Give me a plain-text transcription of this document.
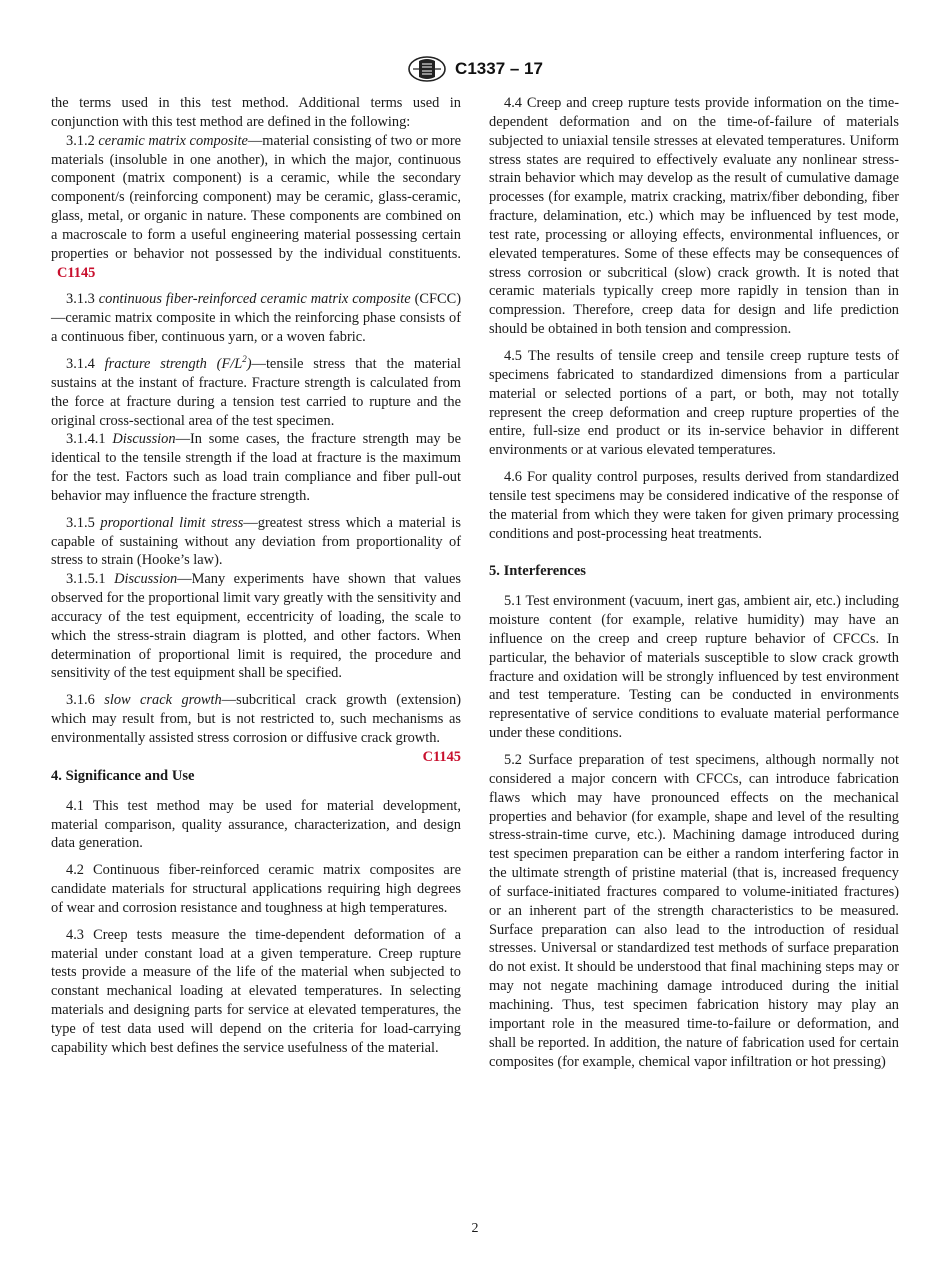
C1337 – 17

the terms used in this test method. Additional terms used in conjunction with this test method are defined in the following:

3.1.2 ceramic matrix composite—material consisting of two or more materials (insoluble in one another), in which the major, continuous component (matrix component) is a ceramic, while the secondary component/s (reinforcing component) may be ceramic, glass-ceramic, glass, metal, or organic in nature. These components are combined on a macroscale to form a useful engineering material possessing certain properties or behavior not possessed by the individual constituents. C1145

3.1.3 continuous fiber-reinforced ceramic matrix composite (CFCC)—ceramic matrix composite in which the reinforcing phase consists of a continuous fiber, continuous yarn, or a woven fabric.

3.1.4 fracture strength $(F/L^2)—tensile$ stress that the material sustains at the instant of fracture. Fracture strength is calculated from the force at fracture during a tension test carried to rupture and the original cross-sectional area of the test specimen.

3.1.4.1 Discussion—In some cases, the fracture strength may be identical to the tensile strength if the load at fracture is the maximum for the test. Factors such as load train compliance and fiber pull-out behavior may influence the fracture strength.

3.1.5 proportional limit stress—greatest stress which a material is capable of sustaining without any deviation from proportionality of stress to strain (Hooke’s law).

3.1.5.1 Discussion—Many experiments have shown that values observed for the proportional limit vary greatly with the sensitivity and accuracy of the test equipment, eccentricity of loading, the scale to which the stress-strain diagram is plotted, and other factors. When determination of proportional limit is required, the procedure and sensitivity of the test equipment shall be specified.

3.1.6 slow crack growth—subcritical crack growth (extension) which may result from, but is not restricted to, such mechanisms as environmentally assisted stress corrosion or diffusive crack growth.
C1145

4. Significance and Use

4.1 This test method may be used for material development, material comparison, quality assurance, characterization, and design data generation.

4.2 Continuous fiber-reinforced ceramic matrix composites are candidate materials for structural applications requiring high degrees of wear and corrosion resistance and toughness at high temperatures.

4.3 Creep tests measure the time-dependent deformation of a material under constant load at a given temperature. Creep rupture tests provide a measure of the life of the material when subjected to constant mechanical loading at elevated temperatures. In selecting materials and designing parts for service at elevated temperatures, the type of test data used will depend on the criteria for load-carrying capability which best defines the service usefulness of the material.

4.4 Creep and creep rupture tests provide information on the time-dependent deformation and on the time-of-failure of materials subjected to uniaxial tensile stresses at elevated temperatures. Uniform stress states are required to effectively evaluate any nonlinear stress-strain behavior which may develop as the result of cumulative damage processes (for example, matrix cracking, matrix/fiber debonding, fiber fracture, delamination, etc.) which may be influenced by test mode, test rate, processing or alloying effects, environmental influences, or elevated temperatures. Some of these effects may be consequences of stress corrosion or subcritical (slow) crack growth. It is noted that ceramic materials typically creep more rapidly in tension than in compression. Therefore, creep data for design and life prediction should be obtained in both tension and compression.

4.5 The results of tensile creep and tensile creep rupture tests of specimens fabricated to standardized dimensions from a particular material or selected portions of a part, or both, may not totally represent the creep deformation and creep rupture properties of the entire, full-size end product or its in-service behavior in different environments or at various elevated temperatures.

4.6 For quality control purposes, results derived from standardized tensile test specimens may be considered indicative of the response of the material from which they were taken for given primary processing conditions and post-processing heat treatments.

5. Interferences

5.1 Test environment (vacuum, inert gas, ambient air, etc.) including moisture content (for example, relative humidity) may have an influence on the creep and creep rupture behavior of CFCCs. In particular, the behavior of materials susceptible to slow crack growth fracture and oxidation will be strongly influenced by test environment and test temperature. Testing can be conducted in environments representative of service conditions to evaluate material performance under these conditions.

5.2 Surface preparation of test specimens, although normally not considered a major concern with CFCCs, can introduce fabrication flaws which may have pronounced effects on the mechanical properties and behavior (for example, shape and level of the resulting stress-strain-time curve, etc.). Machining damage introduced during test specimen preparation can be either a random interfering factor in the ultimate strength of pristine material (that is, increased frequency of surface-initiated fractures compared to volume-initiated fractures) or an inherent part of the strength characteristics to be measured. Surface preparation can also lead to the introduction of residual stresses. Universal or standardized test methods of surface preparation do not exist. It should be understood that final machining steps may or may not negate machining damage introduced during the initial machining. Thus, test specimen fabrication history may play an important role in the measured time-to-failure or deformation, and shall be reported. In addition, the nature of fabrication used for certain composites (for example, chemical vapor infiltration or hot pressing)

2
